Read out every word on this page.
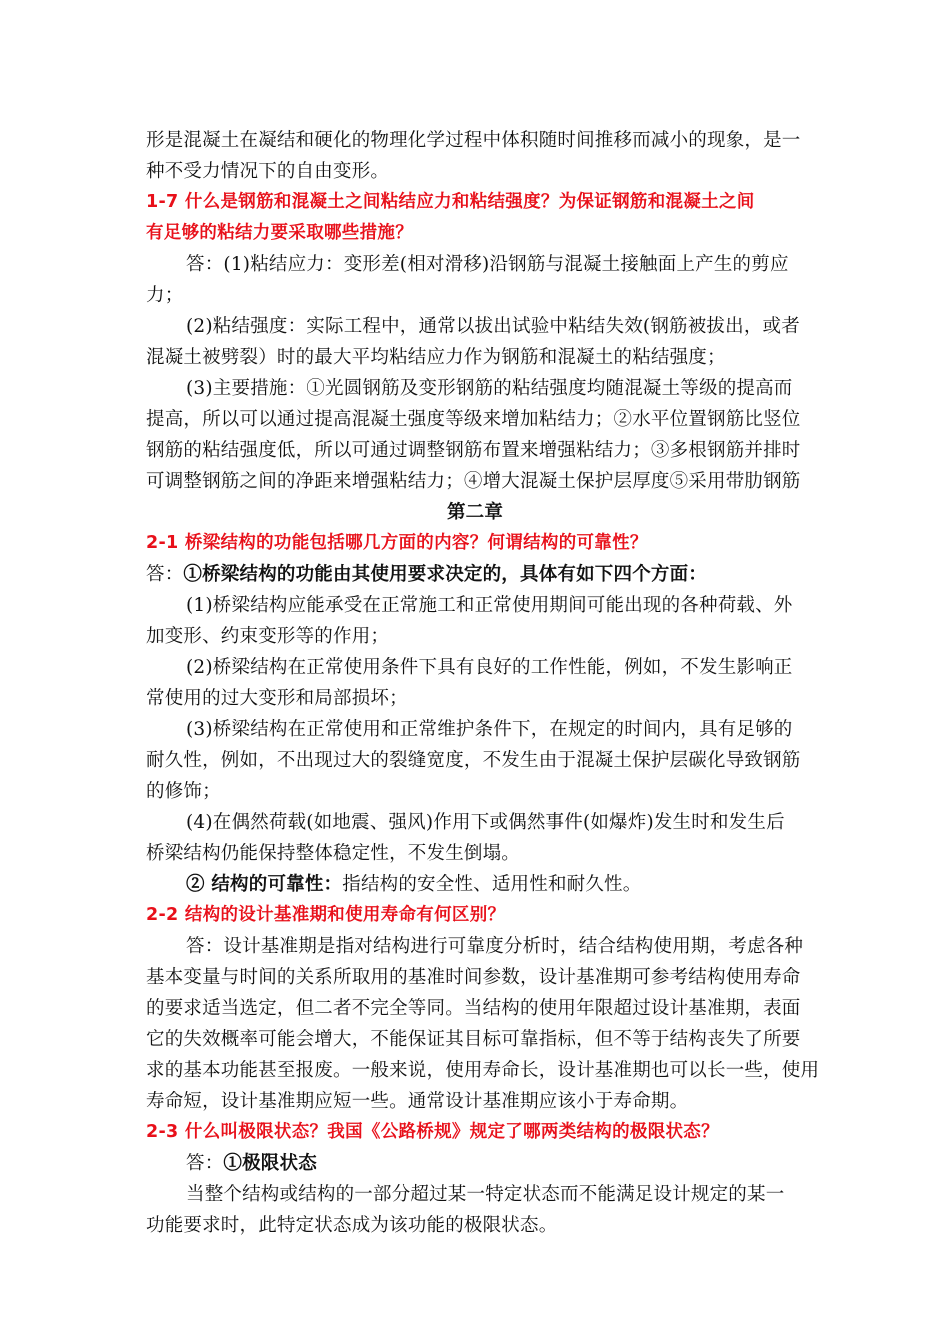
形是混凝土在凝结和硬化的物理化学过程中体积随时间推移而减小的现象，是一
种不受力情况下的自由变形。
1-7 什么是钢筋和混凝土之间粘结应力和粘结强度？为保证钢筋和混凝土之间
有足够的粘结力要采取哪些措施？
答：(1)粘结应力：变形差(相对滑移)沿钢筋与混凝土接触面上产生的剪应
力；
(2)粘结强度：实际工程中，通常以拔出试验中粘结失效(钢筋被拔出，或者
混凝土被劈裂）时的最大平均粘结应力作为钢筋和混凝土的粘结强度；
(3)主要措施：①光圆钢筋及变形钢筋的粘结强度均随混凝土等级的提高而
提高，所以可以通过提高混凝土强度等级来增加粘结力；②水平位置钢筋比竖位
钢筋的粘结强度低，所以可通过调整钢筋布置来增强粘结力；③多根钢筋并排时
可调整钢筋之间的净距来增强粘结力；④增大混凝土保护层厚度⑤采用带肋钢筋
第二章
2-1 桥梁结构的功能包括哪几方面的内容？何谓结构的可靠性？
答：①桥梁结构的功能由其使用要求决定的，具体有如下四个方面：
(1)桥梁结构应能承受在正常施工和正常使用期间可能出现的各种荷载、外
加变形、约束变形等的作用；
(2)桥梁结构在正常使用条件下具有良好的工作性能，例如，不发生影响正
常使用的过大变形和局部损坏；
(3)桥梁结构在正常使用和正常维护条件下，在规定的时间内，具有足够的
耐久性，例如，不出现过大的裂缝宽度，不发生由于混凝土保护层碳化导致钢筋
的修饰；
(4)在偶然荷载(如地震、强风)作用下或偶然事件(如爆炸)发生时和发生后
桥梁结构仍能保持整体稳定性，不发生倒塌。
② 结构的可靠性：指结构的安全性、适用性和耐久性。
2-2 结构的设计基准期和使用寿命有何区别？
答：设计基准期是指对结构进行可靠度分析时，结合结构使用期，考虑各种
基本变量与时间的关系所取用的基准时间参数，设计基准期可参考结构使用寿命
的要求适当选定，但二者不完全等同。当结构的使用年限超过设计基准期，表面
它的失效概率可能会增大，不能保证其目标可靠指标，但不等于结构丧失了所要
求的基本功能甚至报废。一般来说，使用寿命长，设计基准期也可以长一些，使用
寿命短，设计基准期应短一些。通常设计基准期应该小于寿命期。
2-3 什么叫极限状态？我国《公路桥规》规定了哪两类结构的极限状态？
答：①极限状态
当整个结构或结构的一部分超过某一特定状态而不能满足设计规定的某一
功能要求时，此特定状态成为该功能的极限状态。
